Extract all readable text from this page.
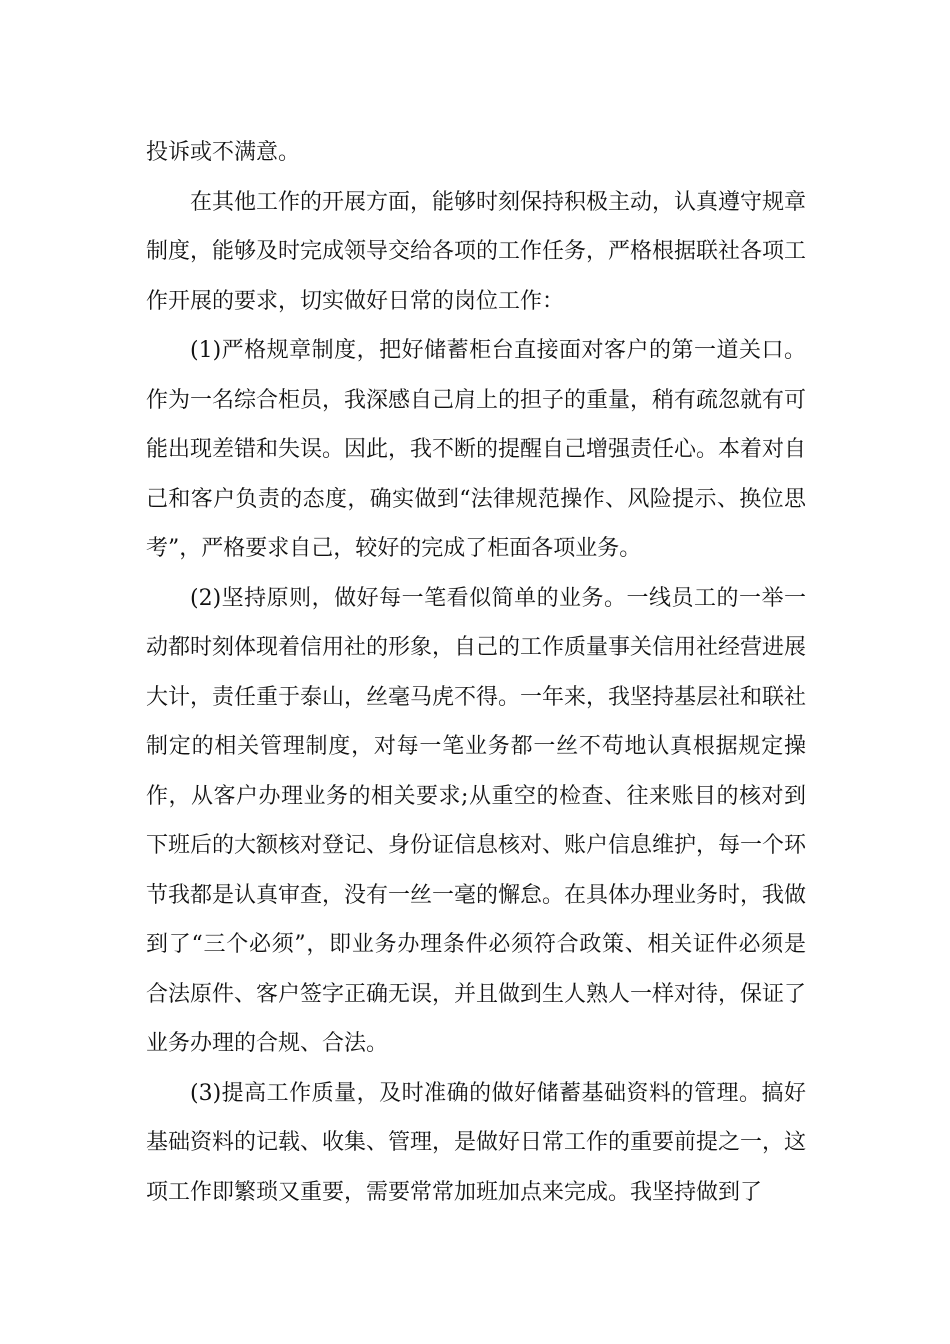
投诉或不满意。

在其他工作的开展方面，能够时刻保持积极主动，认真遵守规章制度，能够及时完成领导交给各项的工作任务，严格根据联社各项工作开展的要求，切实做好日常的岗位工作：

(1)严格规章制度，把好储蓄柜台直接面对客户的第一道关口。作为一名综合柜员，我深感自己肩上的担子的重量，稍有疏忽就有可能出现差错和失误。因此，我不断的提醒自己增强责任心。本着对自己和客户负责的态度，确实做到“法律规范操作、风险提示、换位思考”，严格要求自己，较好的完成了柜面各项业务。

(2)坚持原则，做好每一笔看似简单的业务。一线员工的一举一动都时刻体现着信用社的形象，自己的工作质量事关信用社经营进展大计，责任重于泰山，丝毫马虎不得。一年来，我坚持基层社和联社制定的相关管理制度，对每一笔业务都一丝不苟地认真根据规定操作，从客户办理业务的相关要求;从重空的检查、往来账目的核对到下班后的大额核对登记、身份证信息核对、账户信息维护，每一个环节我都是认真审查，没有一丝一毫的懈怠。在具体办理业务时，我做到了“三个必须”，即业务办理条件必须符合政策、相关证件必须是合法原件、客户签字正确无误，并且做到生人熟人一样对待，保证了业务办理的合规、合法。

(3)提高工作质量，及时准确的做好储蓄基础资料的管理。搞好基础资料的记载、收集、管理，是做好日常工作的重要前提之一，这项工作即繁琐又重要，需要常常加班加点来完成。我坚持做到了
